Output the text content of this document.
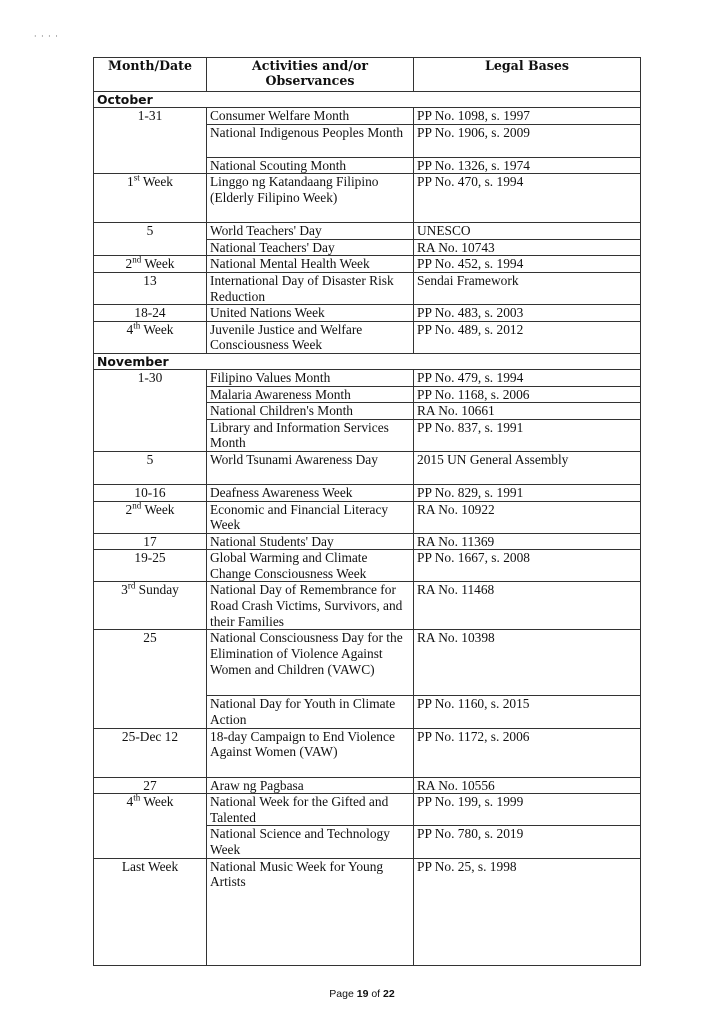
· · · ·
Month/Date	Activities and/or Observances	Legal Bases
October		
1-31	Consumer Welfare Month	PP No. 1098, s. 1997
	National Indigenous Peoples Month	PP No. 1906, s. 2009
	National Scouting Month	PP No. 1326, s. 1974
1st Week	Linggo ng Katandaang Filipino (Elderly Filipino Week)	PP No. 470, s. 1994
5	World Teachers' Day	UNESCO
	National Teachers' Day	RA No. 10743
2nd Week	National Mental Health Week	PP No. 452, s. 1994
13	International Day of Disaster Risk Reduction	Sendai Framework
18-24	United Nations Week	PP No. 483, s. 2003
4th Week	Juvenile Justice and Welfare Consciousness Week	PP No. 489, s. 2012
November		
1-30	Filipino Values Month	PP No. 479, s. 1994
	Malaria Awareness Month	PP No. 1168, s. 2006
	National Children's Month	RA No. 10661
	Library and Information Services Month	PP No. 837, s. 1991
5	World Tsunami Awareness Day	2015 UN General Assembly
10-16	Deafness Awareness Week	PP No. 829, s. 1991
2nd Week	Economic and Financial Literacy Week	RA No. 10922
17	National Students' Day	RA No. 11369
19-25	Global Warming and Climate Change Consciousness Week	PP No. 1667, s. 2008
3rd Sunday	National Day of Remembrance for Road Crash Victims, Survivors, and their Families	RA No. 11468
25	National Consciousness Day for the Elimination of Violence Against Women and Children (VAWC)	RA No. 10398
	National Day for Youth in Climate Action	PP No. 1160, s. 2015
25-Dec 12	18-day Campaign to End Violence Against Women (VAW)	PP No. 1172, s. 2006
27	Araw ng Pagbasa	RA No. 10556
4th Week	National Week for the Gifted and Talented	PP No. 199, s. 1999
	National Science and Technology Week	PP No. 780, s. 2019
Last Week	National Music Week for Young Artists	PP No. 25, s. 1998
Page 19 of 22
